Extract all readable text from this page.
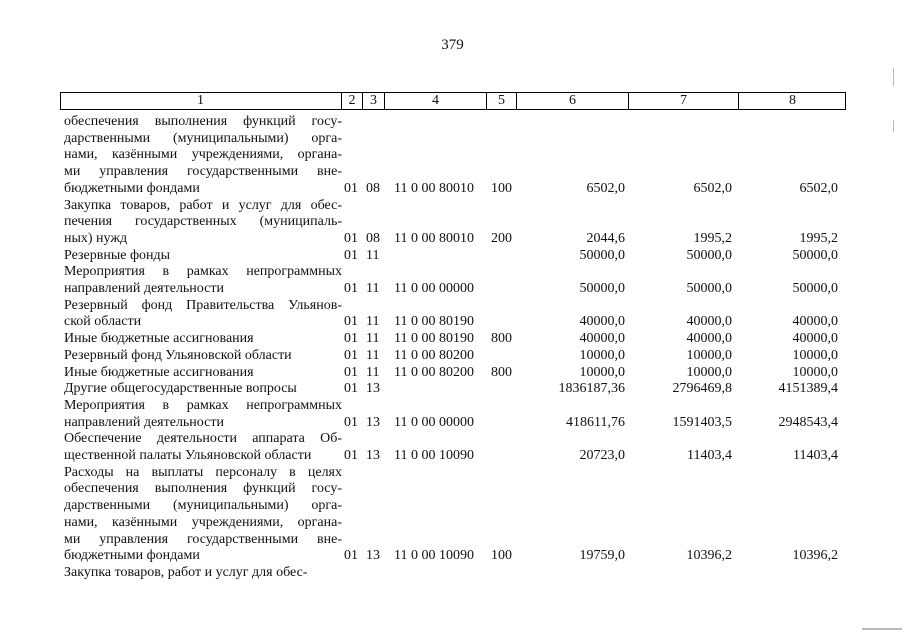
379
1	2	3	4	5	6	7	8
обеспечения выполнения функций госу-
дарственными (муниципальными) орга-
нами, казёнными учреждениями, органа-
ми управления государственными вне-
бюджетными фондами	01 08 11 0 00 80010 100	6502,0	6502,0	6502,0
Закупка товаров, работ и услуг для обес-
печения государственных (муниципаль-
ных) нужд	01 08 11 0 00 80010 200	2044,6	1995,2	1995,2
Резервные фонды	01 11	50000,0	50000,0	50000,0
Мероприятия в рамках непрограммных
направлений деятельности	01 11 11 0 00 00000	50000,0	50000,0	50000,0
Резервный фонд Правительства Ульянов-
ской области	01 11 11 0 00 80190	40000,0	40000,0	40000,0
Иные бюджетные ассигнования	01 11 11 0 00 80190 800	40000,0	40000,0	40000,0
Резервный фонд Ульяновской области	01 11 11 0 00 80200	10000,0	10000,0	10000,0
Иные бюджетные ассигнования	01 11 11 0 00 80200 800	10000,0	10000,0	10000,0
Другие общегосударственные вопросы	01 13	1836187,36	2796469,8	4151389,4
Мероприятия в рамках непрограммных
направлений деятельности	01 13 11 0 00 00000	418611,76	1591403,5	2948543,4
Обеспечение деятельности аппарата Об-
щественной палаты Ульяновской области	01 13 11 0 00 10090	20723,0	11403,4	11403,4
Расходы на выплаты персоналу в целях
обеспечения выполнения функций госу-
дарственными (муниципальными) орга-
нами, казёнными учреждениями, органа-
ми управления государственными вне-
бюджетными фондами	01 13 11 0 00 10090 100	19759,0	10396,2	10396,2
Закупка товаров, работ и услуг для обес-
